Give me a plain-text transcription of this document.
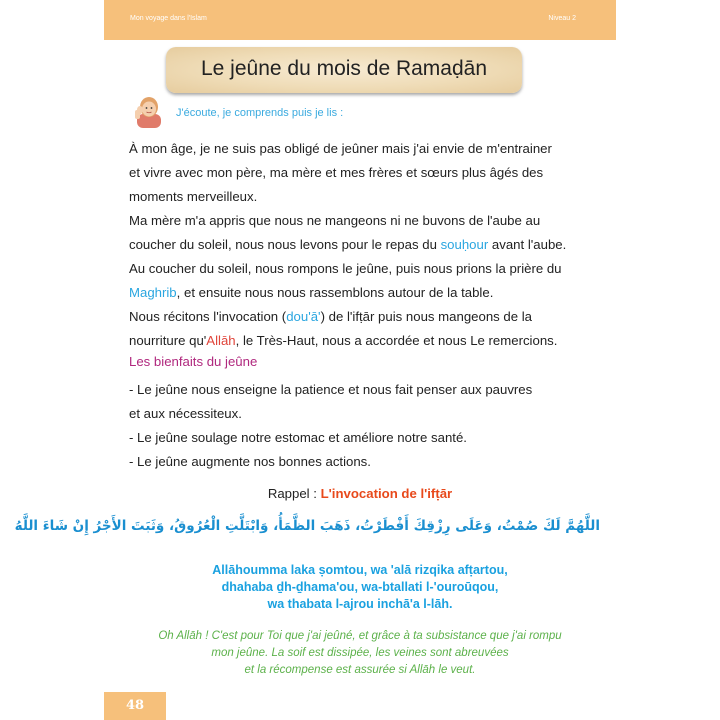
Mon voyage dans l'Islam	Niveau 2
Le jeûne du mois de Ramaḍān
J'écoute, je comprends puis je lis :

À mon âge, je ne suis pas obligé de jeûner mais j'ai envie de m'entrainer

et vivre avec mon père, ma mère et mes frères et sœurs plus âgés des

moments merveilleux.

Ma mère m'a appris que nous ne mangeons ni ne buvons de l'aube au

coucher du soleil, nous nous levons pour le repas du souḥour avant l'aube.

Au coucher du soleil, nous rompons le jeûne, puis nous prions la prière du

Maghrib, et ensuite nous nous rassemblons autour de la table.

Nous récitons l'invocation (dou'ā') de l'ifṭār puis nous mangeons de la

nourriture qu'Allāh, le Très-Haut, nous a accordée et nous Le remercions.

Les bienfaits du jeûne

- Le jeûne nous enseigne la patience et nous fait penser aux pauvres

et aux nécessiteux.

- Le jeûne soulage notre estomac et améliore notre santé.

- Le jeûne augmente nos bonnes actions.

Rappel : L'invocation de l'ifṭār
اللَّهُمَّ لَكَ صُمْتُ، وَعَلَى رِزْقِكَ أَفْطَرْتُ، ذَهَبَ الظَّمَأُ، وَابْتَلَّتِ الْعُرُوقُ، وَثَبَتَ الأَجْرُ إِنْ شَاءَ اللَّهُ

Allāhoumma laka ṣomtou, wa 'alā rizqika afṭartou,

dhahaba ḏh-ḏhama'ou, wa-btallati l-'ouroūqou,

wa thabata l-ajrou inchā'a l-lāh.

Oh Allāh ! C'est pour Toi que j'ai jeûné, et grâce à ta subsistance que j'ai rompu

mon jeûne. La soif est dissipée, les veines sont abreuvées

et la récompense est assurée si Allāh le veut.

48
